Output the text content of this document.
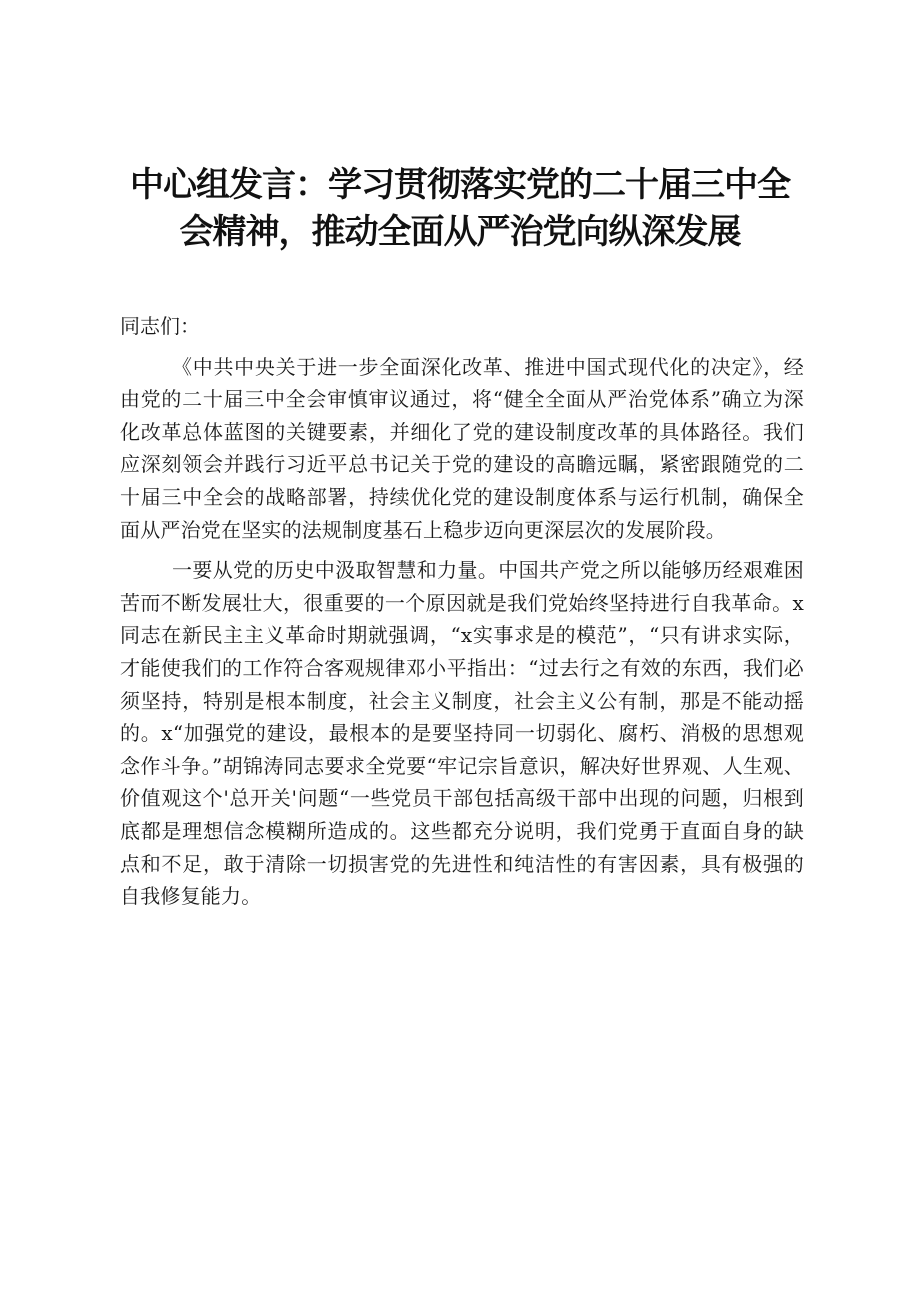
中心组发言：学习贯彻落实党的二十届三中全
会精神，推动全面从严治党向纵深发展

同志们：

《中共中央关于进一步全面深化改革、推进中国式现代化的决定》，经由党的二十届三中全会审慎审议通过，将“健全全面从严治党体系”确立为深化改革总体蓝图的关键要素，并细化了党的建设制度改革的具体路径。我们应深刻领会并践行习近平总书记关于党的建设的高瞻远瞩，紧密跟随党的二十届三中全会的战略部署，持续优化党的建设制度体系与运行机制，确保全面从严治党在坚实的法规制度基石上稳步迈向更深层次的发展阶段。

一要从党的历史中汲取智慧和力量。中国共产党之所以能够历经艰难困苦而不断发展壮大，很重要的一个原因就是我们党始终坚持进行自我革命。x同志在新民主主义革命时期就强调，“x实事求是的模范”，“只有讲求实际，才能使我们的工作符合客观规律邓小平指出：“过去行之有效的东西，我们必须坚持，特别是根本制度，社会主义制度，社会主义公有制，那是不能动摇的。x“加强党的建设，最根本的是要坚持同一切弱化、腐朽、消极的思想观念作斗争。”胡锦涛同志要求全党要“牢记宗旨意识，解决好世界观、人生观、价值观这个'总开关'问题“一些党员干部包括高级干部中出现的问题，归根到底都是理想信念模糊所造成的。这些都充分说明，我们党勇于直面自身的缺点和不足，敢于清除一切损害党的先进性和纯洁性的有害因素，具有极强的自我修复能力。
